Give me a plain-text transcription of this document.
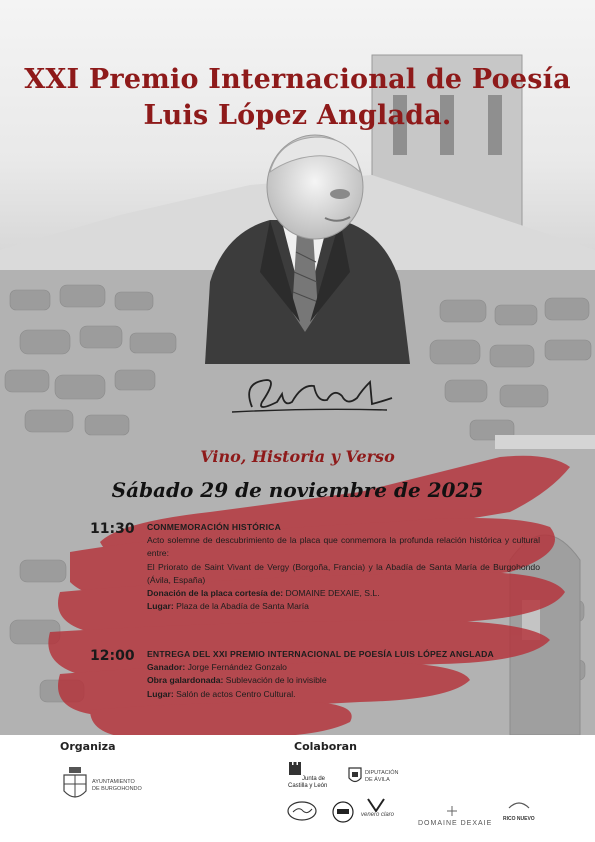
XXI Premio Internacional de Poesía
Luis López Anglada.
Vino, Historia y Verso
Sábado 29 de noviembre de 2025
11:30	CONMEMORACIÓN HISTÓRICA
Acto solemne de descubrimiento de la placa que conmemora la profunda relación histórica y cultural entre:
El Priorato de Saint Vivant de Vergy (Borgoña, Francia) y la Abadía de Santa María de Burgohondo (Ávila, España)
Donación de la placa cortesía de: DOMAINE DEXAIE, S.L.
Lugar: Plaza de la Abadía de Santa María
12:00	ENTREGA DEL XXI PREMIO INTERNACIONAL DE POESÍA LUIS LÓPEZ ANGLADA
Ganador: Jorge Fernández Gonzalo
Obra galardonada: Sublevación de lo invisible
Lugar: Salón de actos Centro Cultural.
Organiza	Colaboran
AYUNTAMIENTO
DE BURGOHONDO
Junta de
Castilla y León
DIPUTACIÓN
DE ÁVILA
venero claro
DOMAINE DEXAIE
RICO NUEVO
